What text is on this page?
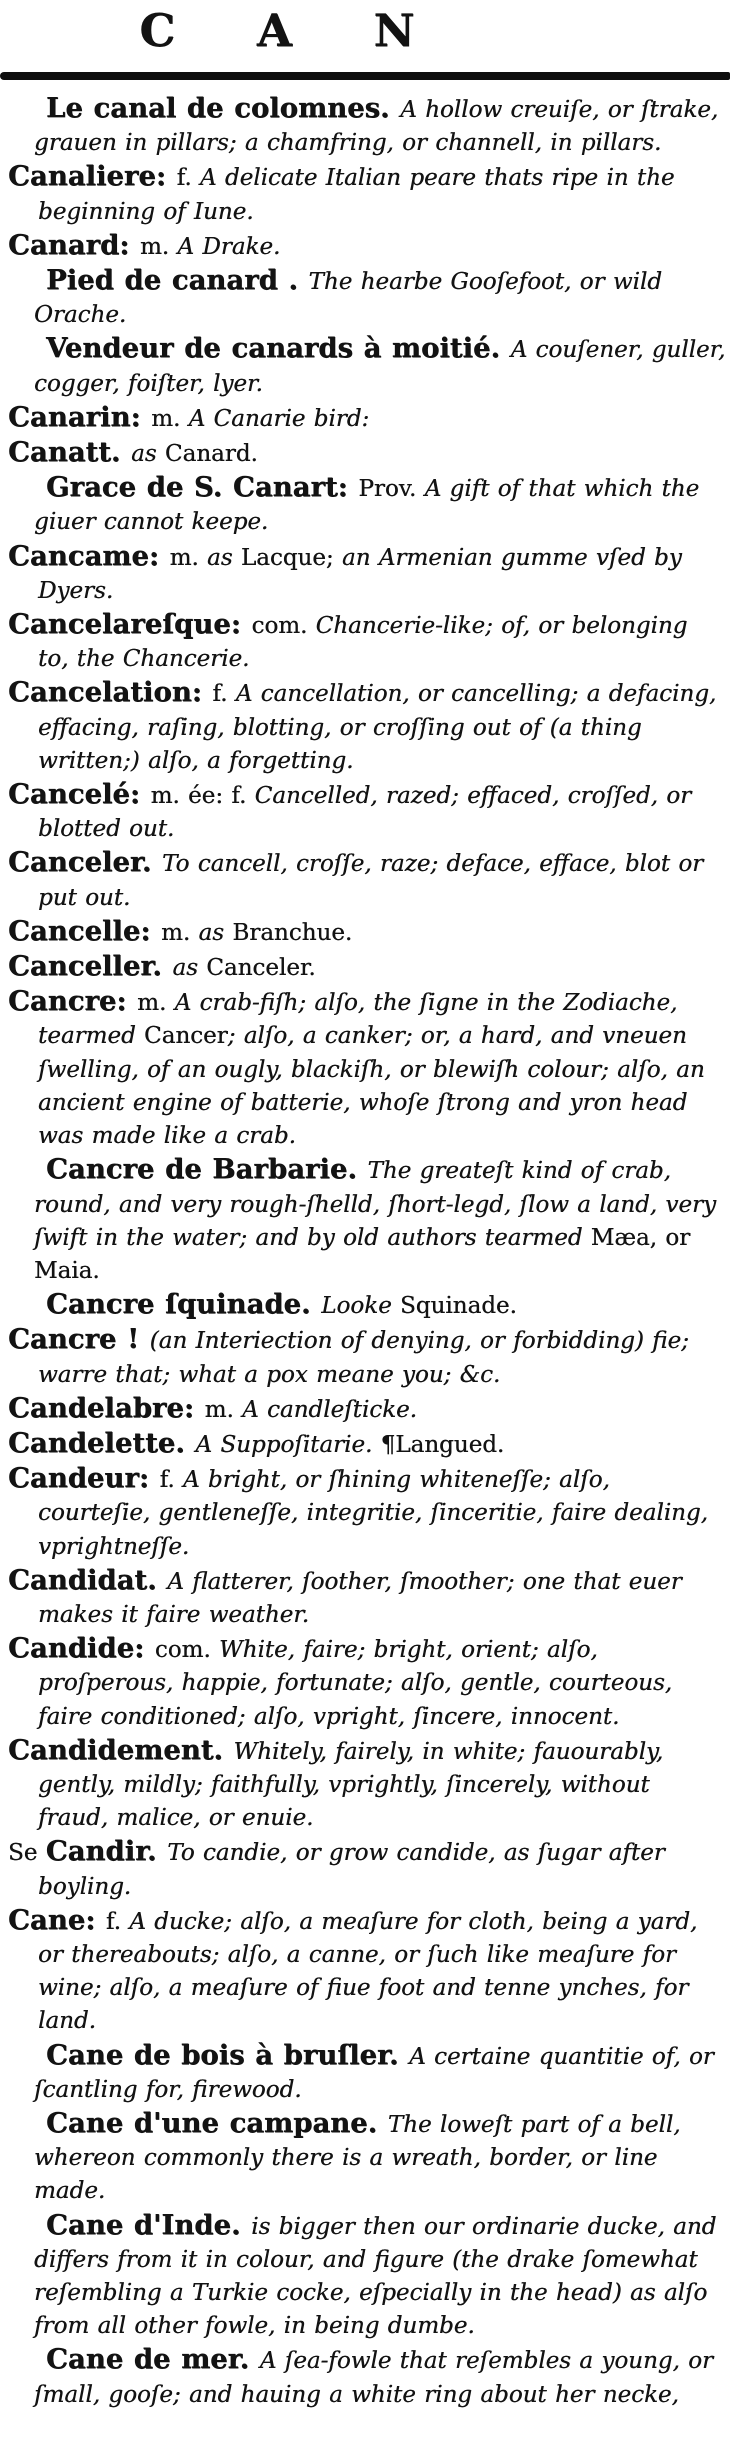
C A N

Le canal de colomnes. A hollow creuiſe, or ſtrake, grauen in pillars; a chamfring, or channell, in pillars.

Canaliere: f. A delicate Italian peare thats ripe in the beginning of Iune.

Canard: m. A Drake.

Pied de canard . The hearbe Gooſefoot, or wild Orache.

Vendeur de canards à moitié. A couſener, guller, cogger, foiſter, lyer.

Canarin: m. A Canarie bird:

Canatt. as Canard.

Grace de S. Canart: Prov. A gift of that which the giuer cannot keepe.

Cancame: m. as Lacque; an Armenian gumme vſed by Dyers.

Cancelareſque: com. Chancerie-like; of, or belonging to, the Chancerie.

Cancelation: f. A cancellation, or cancelling; a defacing, effacing, raſing, blotting, or croſſing out of (a thing written;) alſo, a forgetting.

Cancelé: m. ée: f. Cancelled, razed; effaced, croſſed, or blotted out.

Canceler. To cancell, croſſe, raze; deface, efface, blot or put out.

Cancelle: m. as Branchue.

Canceller. as Canceler.

Cancre: m. A crab-fiſh; alſo, the ſigne in the Zodiache, tearmed Cancer; alſo, a canker; or, a hard, and vneuen ſwelling, of an ougly, blackiſh, or blewiſh colour; alſo, an ancient engine of batterie, whoſe ſtrong and yron head was made like a crab.

Cancre de Barbarie. The greateſt kind of crab, round, and very rough-ſhelld, ſhort-legd, ſlow a land, very ſwift in the water; and by old authors tearmed Mæa, or Maia.

Cancre ſquinade. Looke Squinade.

Cancre ! (an Interiection of denying, or forbidding) fie; warre that; what a pox meane you; &c.

Candelabre: m. A candleſticke.

Candelette. A Suppoſitarie. ¶Langued.

Candeur: f. A bright, or ſhining whiteneſſe; alſo, courteſie, gentleneſſe, integritie, ſinceritie, faire dealing, vprightneſſe.

Candidat. A flatterer, ſoother, ſmoother; one that euer makes it faire weather.

Candide: com. White, faire; bright, orient; alſo, proſperous, happie, fortunate; alſo, gentle, courteous, faire conditioned; alſo, vpright, ſincere, innocent.

Candidement. Whitely, fairely, in white; fauourably, gently, mildly; faithfully, vprightly, ſincerely, without fraud, malice, or enuie.

Se Candir. To candie, or grow candide, as ſugar after boyling.

Cane: f. A ducke; alſo, a meaſure for cloth, being a yard, or thereabouts; alſo, a canne, or ſuch like meaſure for wine; alſo, a meaſure of fiue foot and tenne ynches, for land.

Cane de bois à bruſler. A certaine quantitie of, or ſcantling for, firewood.

Cane d'une campane. The loweſt part of a bell, whereon commonly there is a wreath, border, or line made.

Cane d'Inde. is bigger then our ordinarie ducke, and differs from it in colour, and figure (the drake ſomewhat reſembling a Turkie cocke, eſpecially in the head) as alſo from all other fowle, in being dumbe.

Cane de mer. A ſea-fowle that reſembles a young, or ſmall, gooſe; and hauing a white ring about her necke,
